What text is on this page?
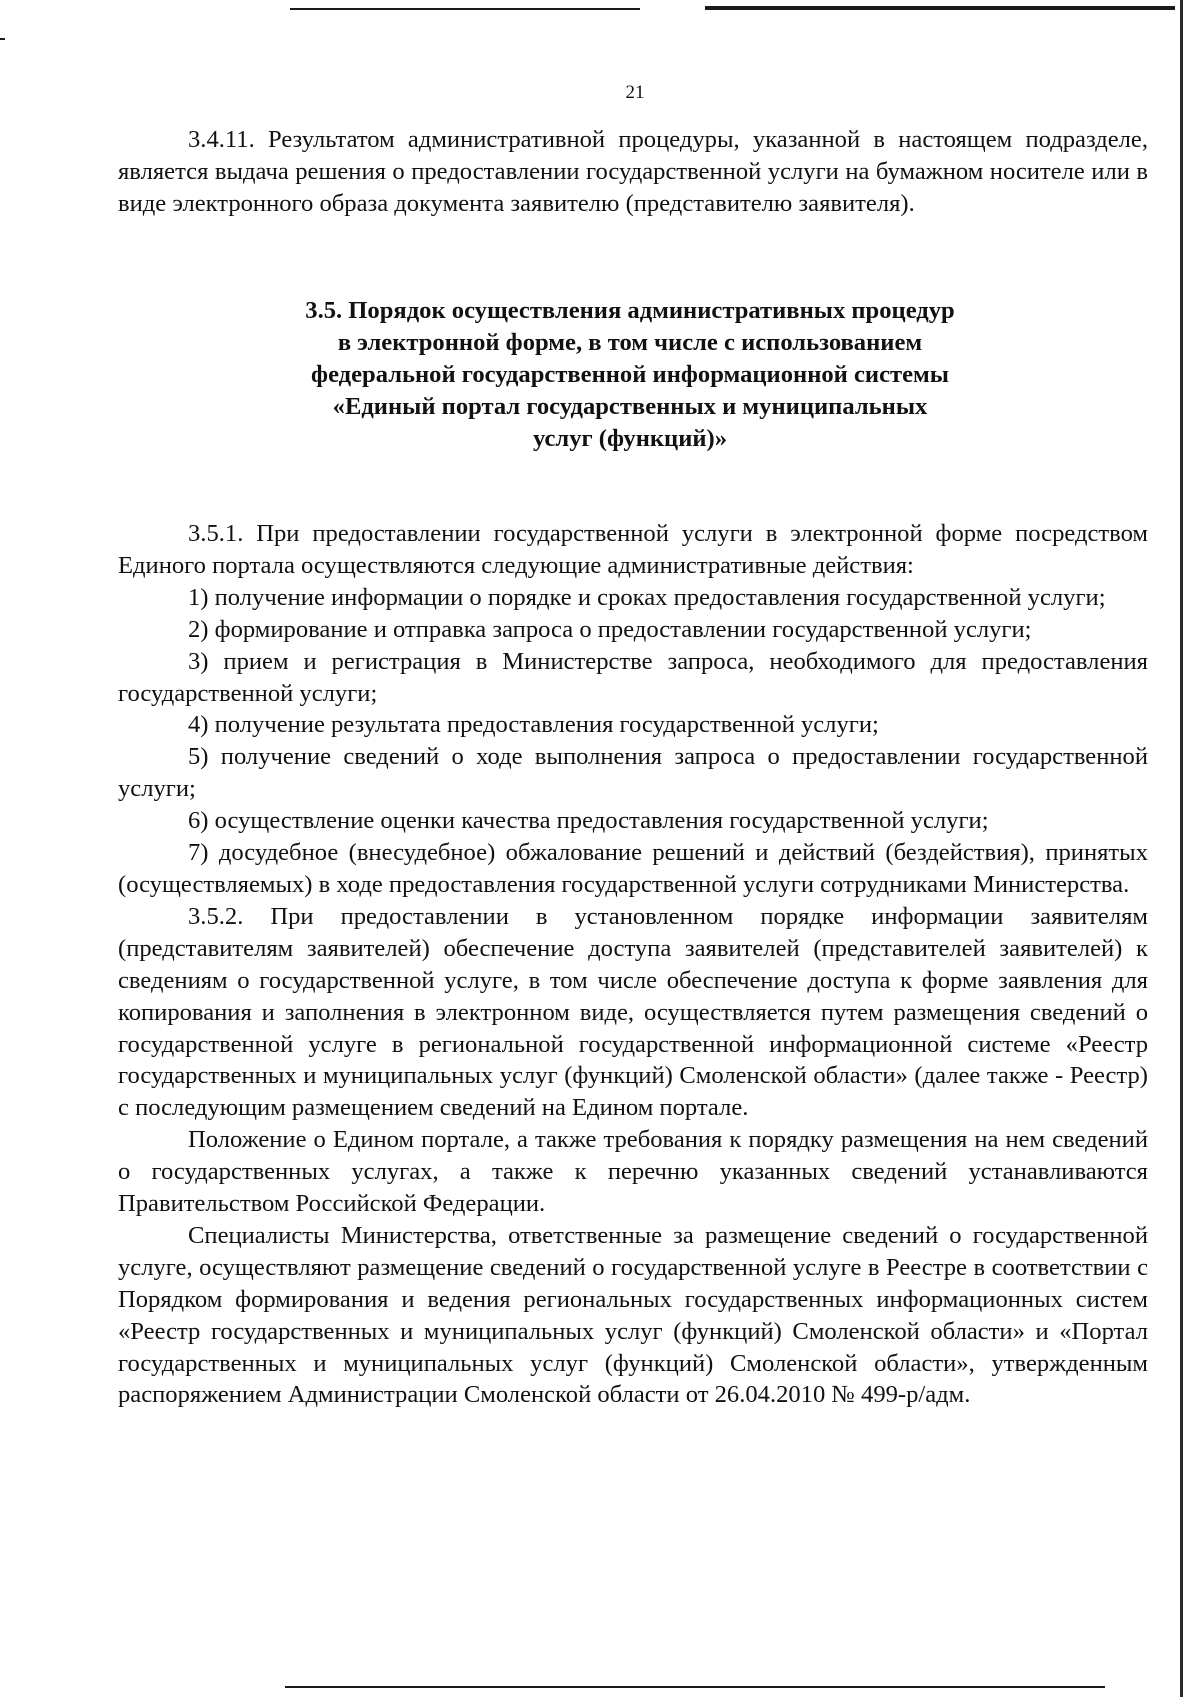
21

3.4.11. Результатом административной процедуры, указанной в настоящем подразделе, является выдача решения о предоставлении государственной услуги на бумажном носителе или в виде электронного образа документа заявителю (представителю заявителя).

3.5. Порядок осуществления административных процедур в электронной форме, в том числе с использованием федеральной государственной информационной системы «Единый портал государственных и муниципальных услуг (функций)»

3.5.1. При предоставлении государственной услуги в электронной форме посредством Единого портала осуществляются следующие административные действия:

1) получение информации о порядке и сроках предоставления государственной услуги;

2) формирование и отправка запроса о предоставлении государственной услуги;

3) прием и регистрация в Министерстве запроса, необходимого для предоставления государственной услуги;

4) получение результата предоставления государственной услуги;

5) получение сведений о ходе выполнения запроса о предоставлении государственной услуги;

6) осуществление оценки качества предоставления государственной услуги;

7) досудебное (внесудебное) обжалование решений и действий (бездействия), принятых (осуществляемых) в ходе предоставления государственной услуги сотрудниками Министерства.

3.5.2. При предоставлении в установленном порядке информации заявителям (представителям заявителей) обеспечение доступа заявителей (представителей заявителей) к сведениям о государственной услуге, в том числе обеспечение доступа к форме заявления для копирования и заполнения в электронном виде, осуществляется путем размещения сведений о государственной услуге в региональной государственной информационной системе «Реестр государственных и муниципальных услуг (функций) Смоленской области» (далее также - Реестр) с последующим размещением сведений на Едином портале.

Положение о Едином портале, а также требования к порядку размещения на нем сведений о государственных услугах, а также к перечню указанных сведений устанавливаются Правительством Российской Федерации.

Специалисты Министерства, ответственные за размещение сведений о государственной услуге, осуществляют размещение сведений о государственной услуге в Реестре в соответствии с Порядком формирования и ведения региональных государственных информационных систем «Реестр государственных и муниципальных услуг (функций) Смоленской области» и «Портал государственных и муниципальных услуг (функций) Смоленской области», утвержденным распоряжением Администрации Смоленской области от 26.04.2010 № 499-р/адм.
